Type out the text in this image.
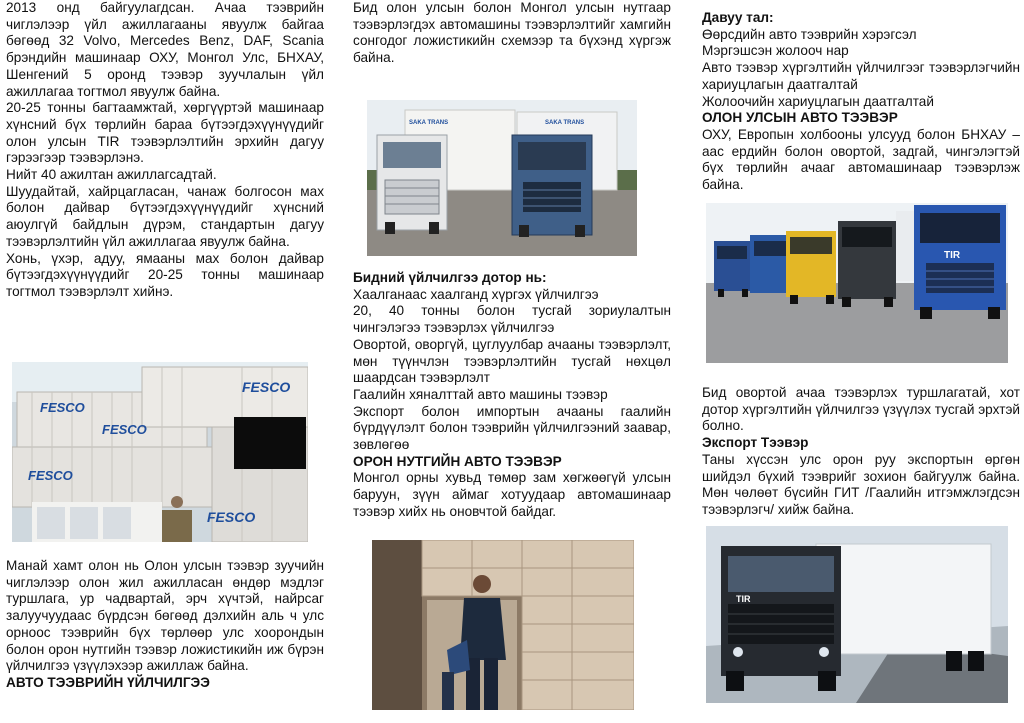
2013 онд байгуулагдсан. Ачаа тээврийн чиглэлээр үйл ажиллагааны явуулж байгаа бөгөөд 32 Volvo, Mercedes Benz, DAF, Scania брэндийн машинаар ОХУ, Монгол Улс, БНХАУ, Шенгений 5 оронд тээвэр зуучлалын үйл ажиллагаа тогтмол явуулж байна.

20-25 тонны багтаамжтай, хөргүүртэй машинаар хүнсний бүх төрлийн бараа бүтээгдэхүүнүүдийг олон улсын TIR тээвэрлэлтийн эрхийн дагуу гэрээгээр тээвэрлэнэ.

Нийт 40 ажилтан ажиллагсадтай.

Шуудайтай, хайрцагласан, чанаж болгосон мах болон дайвар бүтээгдэхүүнүүдийг хүнсний аюулгүй байдлын дүрэм, стандартын дагуу тээвэрлэлтийн үйл ажиллагаа явуулж байна.

Хонь, үхэр, адуу, ямааны мах болон дайвар бүтээгдэхүүнүүдийг 20-25 тонны машинаар тогтмол тээвэрлэлт хийнэ.

FESCO
FESCO
FESCO
FESCO
FESCO

Манай хамт олон нь Олон улсын тээвэр зуучийн чиглэлээр олон жил ажилласан өндөр мэдлэг туршлага, ур чадвартай, эрч хүчтэй, найрсаг залуучуудаас бүрдсэн бөгөөд дэлхийн аль ч улс орноос тээврийн бүх төрлөөр улс хоорондын болон орон нутгийн тээвэр ложистикийн иж бүрэн үйлчилгээ үзүүлэхээр ажиллаж байна.

АВТО ТЭЭВРИЙН ҮЙЛЧИЛГЭЭ

Бид олон улсын болон Монгол улсын нутгаар тээвэрлэгдэх автомашины тээвэрлэлтийг хамгийн сонгодог ложистикийн схемээр та бүхэнд хүргэж байна.

SAKA TRANS	SAKA TRANS
Бидний үйлчилгээ дотор нь:

Хаалганаас хаалганд хүргэх үйлчилгээ

20, 40 тонны болон тусгай зориулалтын чингэлэгээ тээвэрлэх үйлчилгээ

Овортой, оворгүй, цуглуулбар ачааны тээвэрлэлт, мөн түүнчлэн тээвэрлэлтийн тусгай нөхцөл шаардсан тээвэрлэлт

Гаалийн хяналттай авто машины тээвэр

Экспорт болон импортын ачааны гаалийн бүрдүүлэлт болон тээврийн үйлчилгээний заавар, зөвлөгөө

ОРОН НУТГИЙН АВТО ТЭЭВЭР

Монгол орны хувьд төмөр зам хөгжөөгүй улсын баруун, зүүн аймаг хотуудаар автомашинаар тээвэр хийх нь оновчтой байдаг.

Давуу тал:

Өөрсдийн авто тээврийн хэрэгсэл

Мэргэшсэн жолооч нар

Авто тээвэр хүргэлтийн үйлчилгээг тээвэрлэгчийн хариуцлагын даатгалтай

Жолоочийн хариуцлагын даатгалтай

ОЛОН УЛСЫН АВТО ТЭЭВЭР

ОХУ, Европын холбооны улсууд болон БНХАУ –аас ердийн болон овортой, задгай, чингэлэгтэй бүх төрлийн ачааг автомашинаар тээвэрлэж байна.

TIR

Бид овортой ачаа тээвэрлэх туршлагатай, хот дотор хүргэлтийн үйлчилгээ үзүүлэх тусгай эрхтэй болно.

Экспорт Тээвэр

Таны хүссэн улс орон руу экспортын өргөн шийдэл бүхий тээврийг зохион байгуулж байна. Мөн чөлөөт бүсийн ГИТ /Гаалийн итгэмжлэгдсэн тээвэрлэгч/ хийж байна.

TIR
